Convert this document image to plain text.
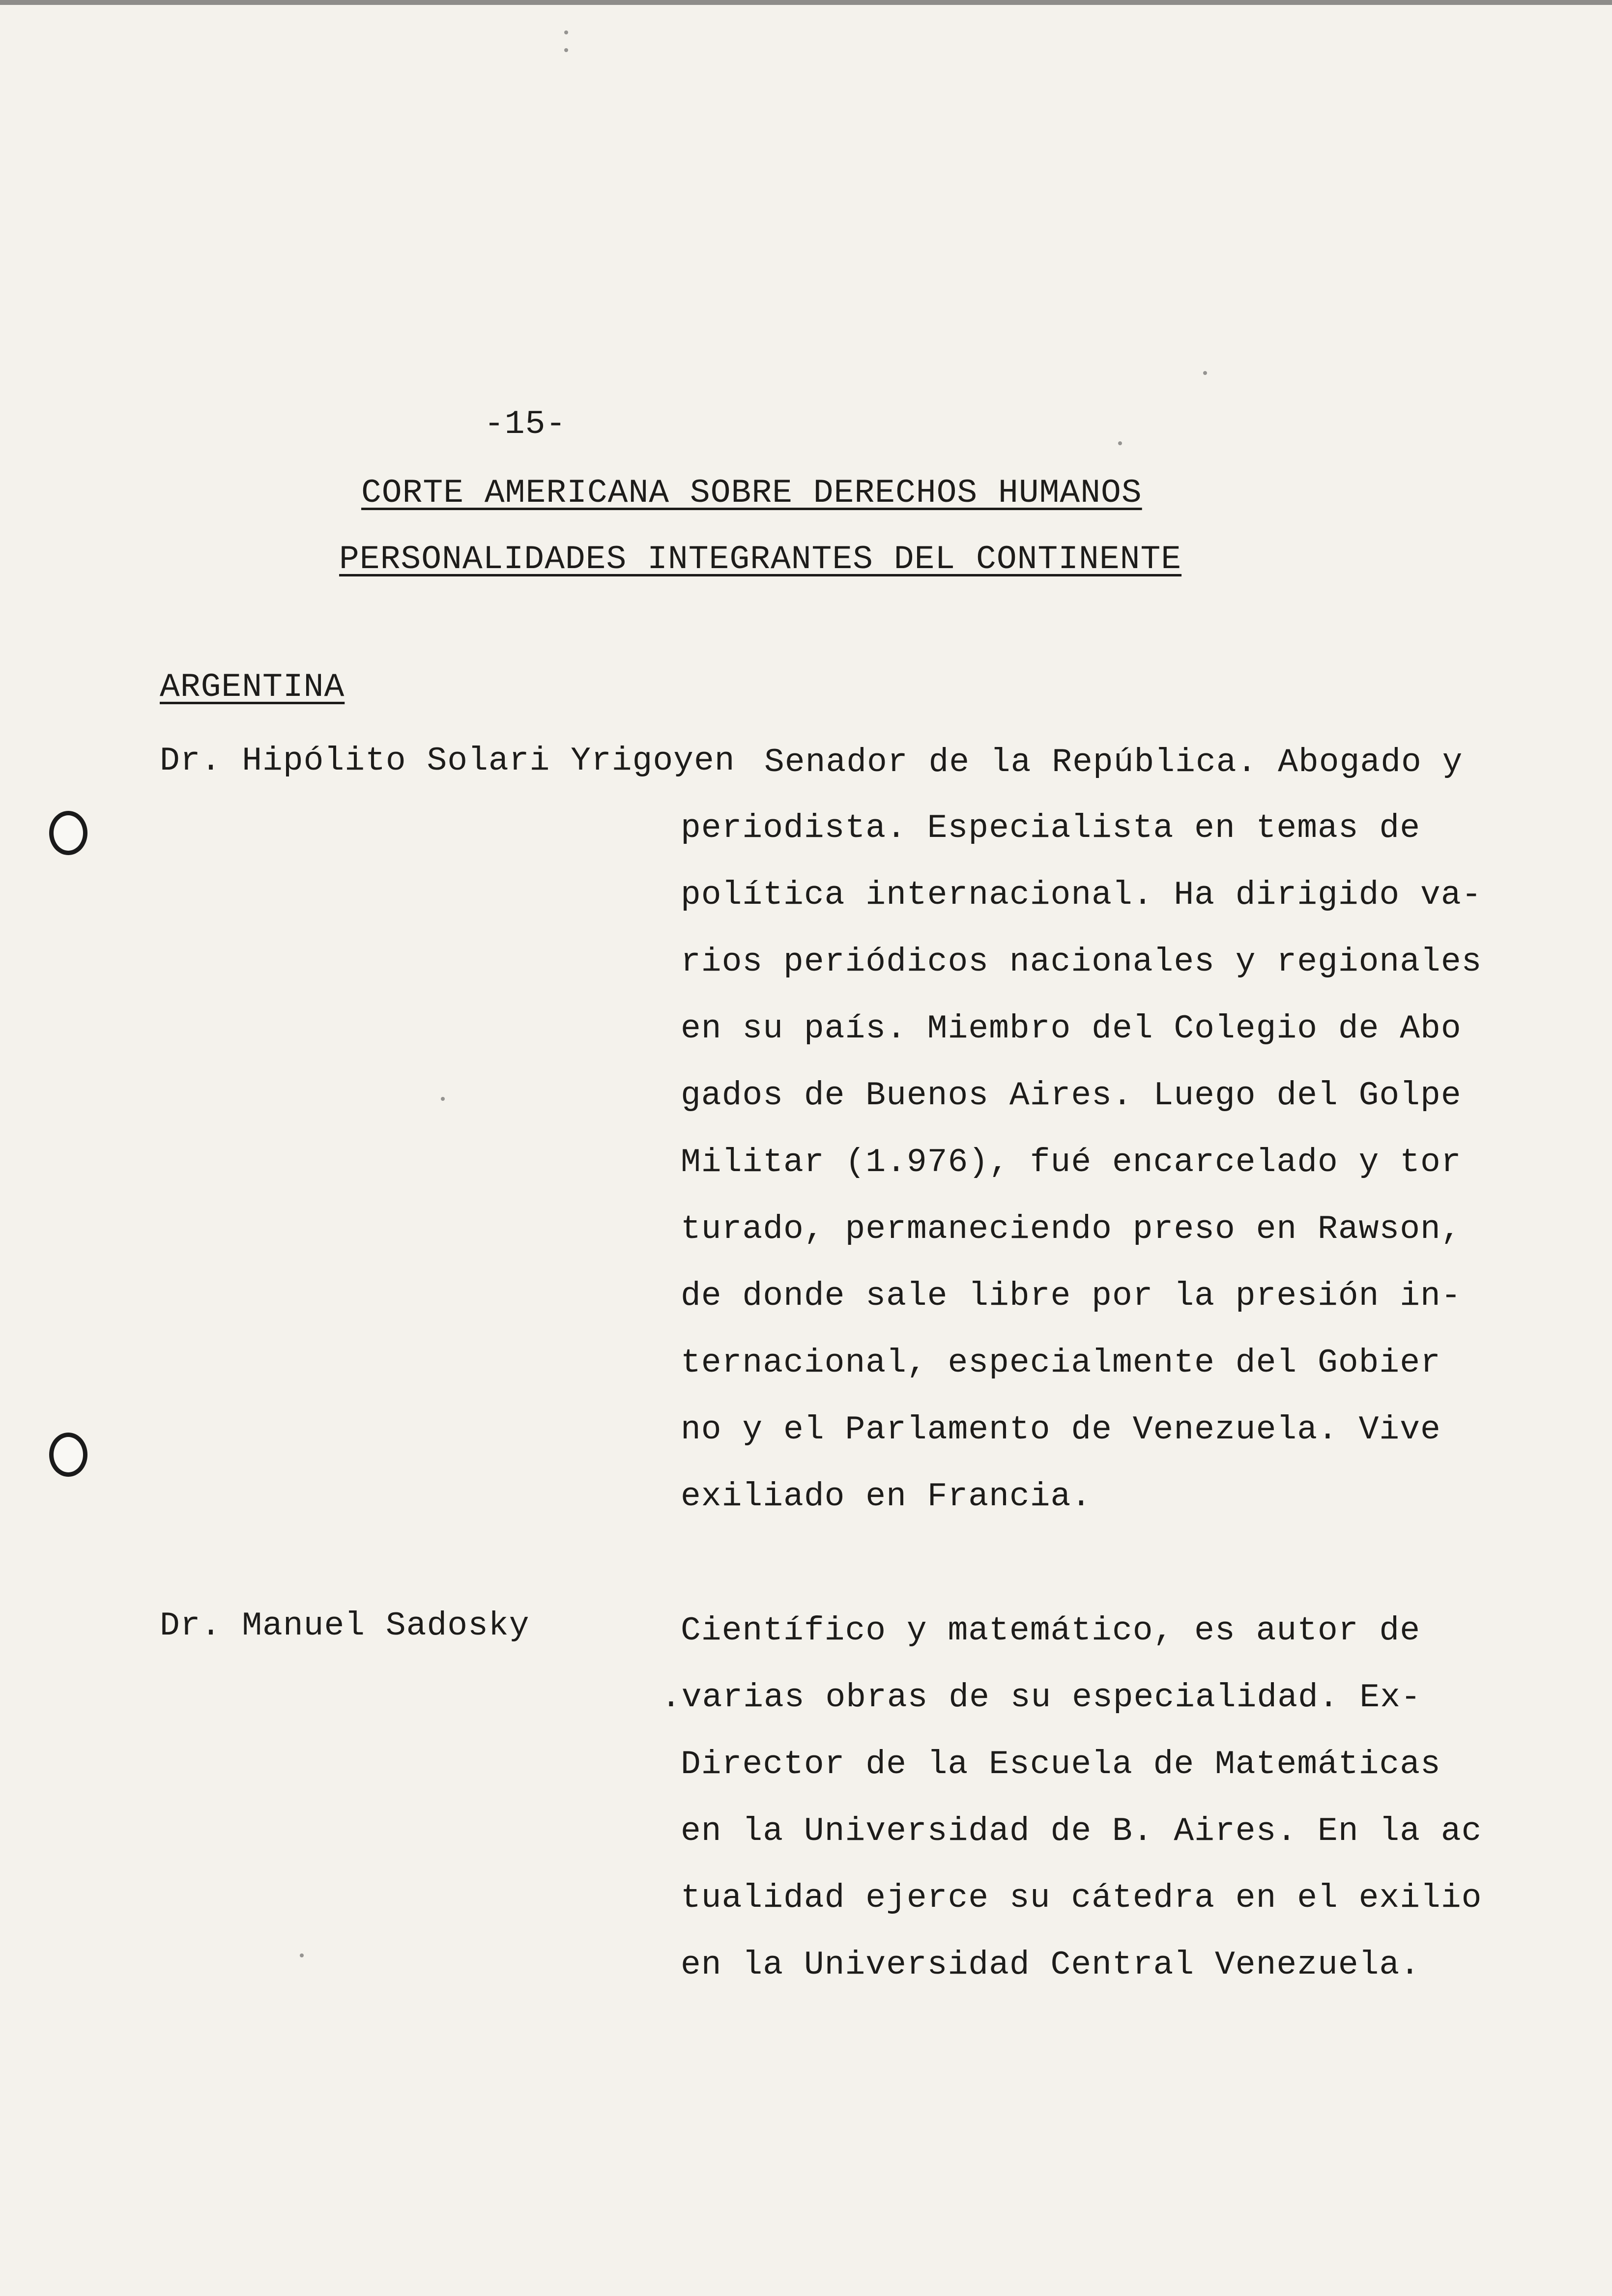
-15-
CORTE AMERICANA SOBRE DERECHOS HUMANOS
PERSONALIDADES INTEGRANTES DEL CONTINENTE
ARGENTINA
Dr. Hipólito Solari Yrigoyen Senador de la República. Abogado y
periodista. Especialista en temas de
política internacional. Ha dirigido va-
rios periódicos nacionales y regionales
en su país. Miembro del Colegio de Abo
gados de Buenos Aires. Luego del Golpe
Militar (1.976), fué encarcelado y tor
turado, permaneciendo preso en Rawson,
de donde sale libre por la presión in-
ternacional, especialmente del Gobier
no y el Parlamento de Venezuela. Vive
exiliado en Francia.
Dr. Manuel Sadosky	Científico y matemático, es autor de
.varias obras de su especialidad. Ex-
Director de la Escuela de Matemáticas
en la Universidad de B. Aires. En la ac
tualidad ejerce su cátedra en el exilio
en la Universidad Central Venezuela.
